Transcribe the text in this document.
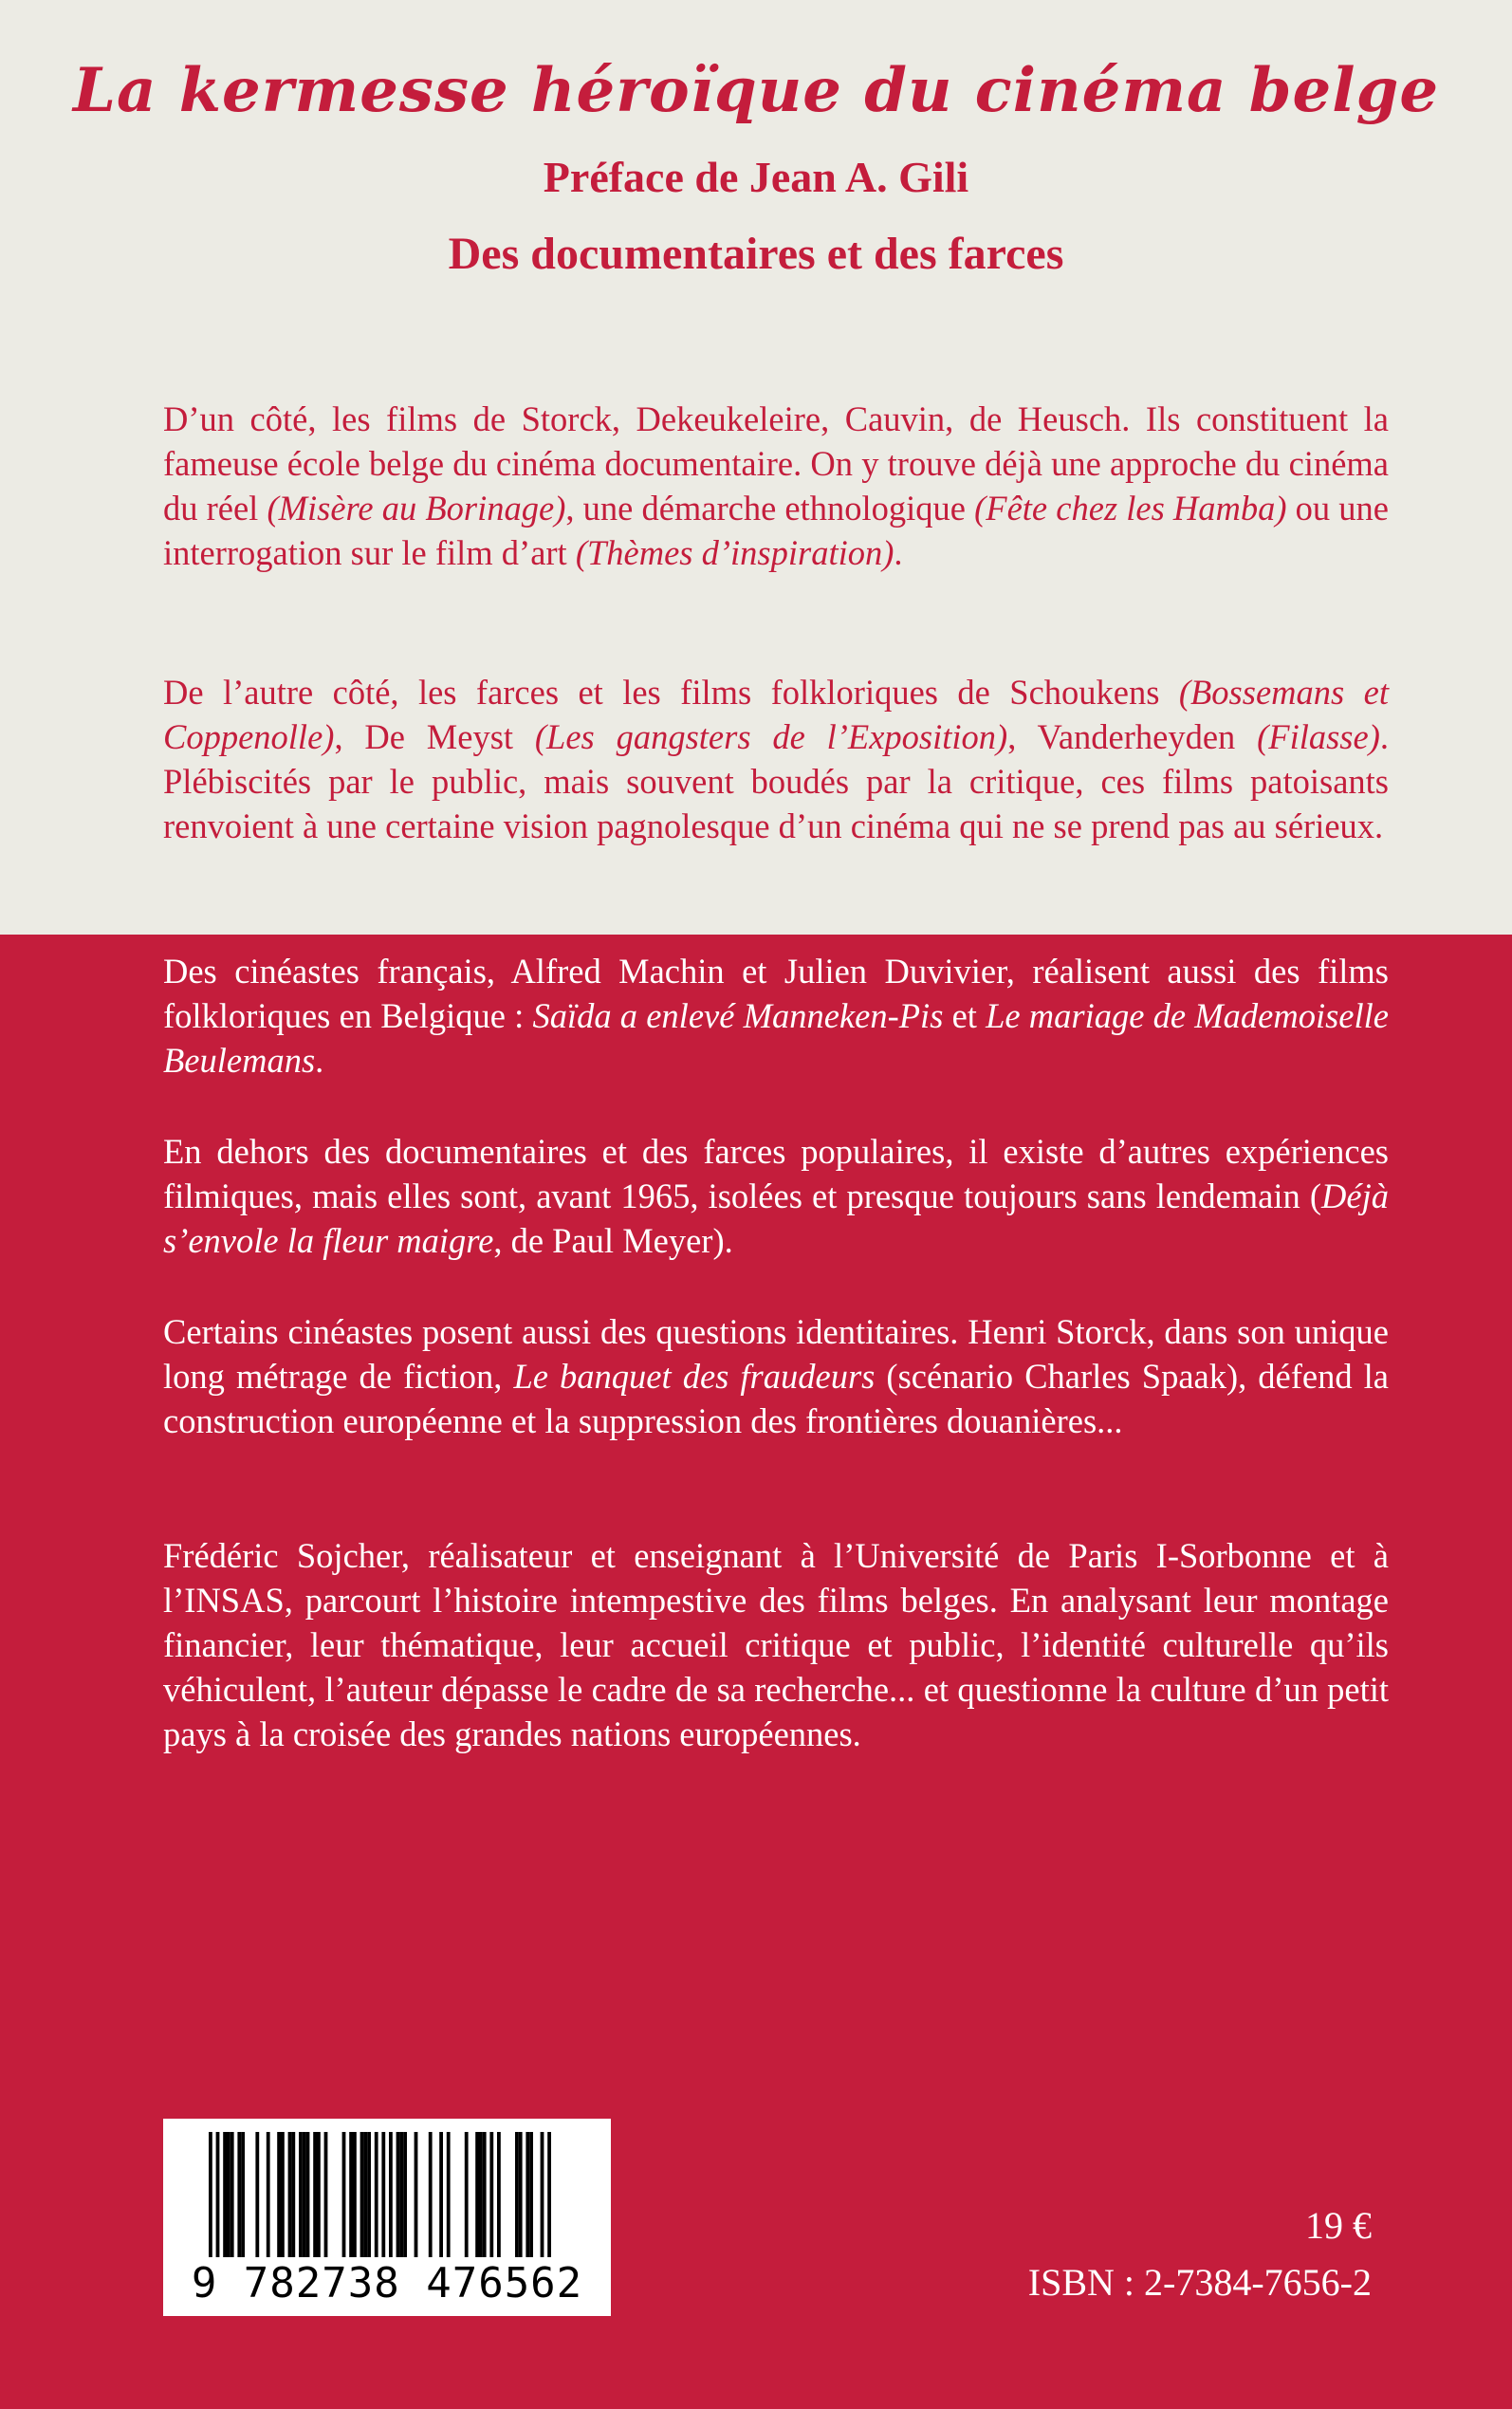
La kermesse héroïque du cinéma belge
Préface de Jean A. Gili
Des documentaires et des farces

D’un côté, les films de Storck, Dekeukeleire, Cauvin, de Heusch. Ils constituent la fameuse école belge du cinéma documentaire. On y trouve déjà une approche du cinéma du réel (Misère au Borinage), une démarche ethnologique (Fête chez les Hamba) ou une interrogation sur le film d’art (Thèmes d’inspiration).

De l’autre côté, les farces et les films folkloriques de Schoukens (Bossemans et Coppenolle), De Meyst (Les gangsters de l’Exposition), Vanderheyden (Filasse). Plébiscités par le public, mais souvent boudés par la critique, ces films patoisants renvoient à une certaine vision pagnolesque d’un cinéma qui ne se prend pas au sérieux.

Des cinéastes français, Alfred Machin et Julien Duvivier, réalisent aussi des films folkloriques en Belgique : Saïda a enlevé Manneken-Pis et Le mariage de Mademoiselle Beulemans.

En dehors des documentaires et des farces populaires, il existe d’autres expériences filmiques, mais elles sont, avant 1965, isolées et presque toujours sans lendemain (Déjà s’envole la fleur maigre, de Paul Meyer).

Certains cinéastes posent aussi des questions identitaires. Henri Storck, dans son unique long métrage de fiction, Le banquet des fraudeurs (scénario Charles Spaak), défend la construction européenne et la suppression des frontières douanières...

Frédéric Sojcher, réalisateur et enseignant à l’Université de Paris I-Sorbonne et à l’INSAS, parcourt l’histoire intempestive des films belges. En analysant leur montage financier, leur thématique, leur accueil critique et public, l’identité culturelle qu’ils véhiculent, l’auteur dépasse le cadre de sa recherche... et questionne la culture d’un petit pays à la croisée des grandes nations européennes.

9 782738 476562
19 €
ISBN : 2-7384-7656-2
